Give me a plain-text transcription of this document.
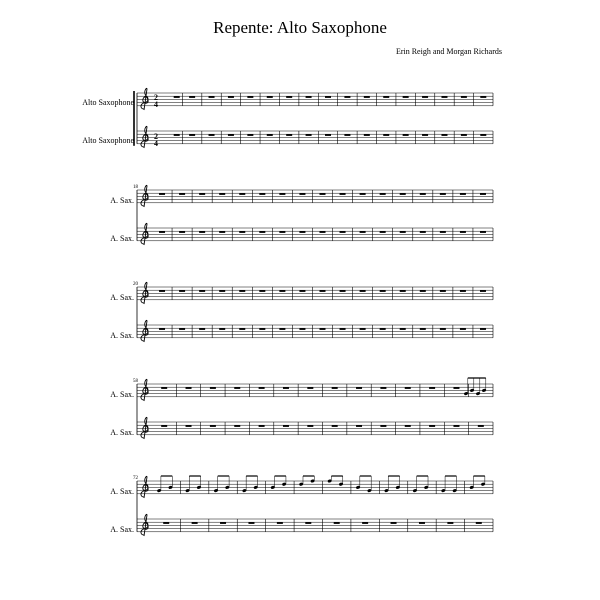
Repente: Alto Saxophone
Erin Reigh and Morgan Richards
Alto Saxophone
Alto Saxophone
A. Sax.
A. Sax.
A. Sax.
A. Sax.
A. Sax.
A. Sax.
A. Sax.
A. Sax.
18
20
58
72
2
4
2
4
